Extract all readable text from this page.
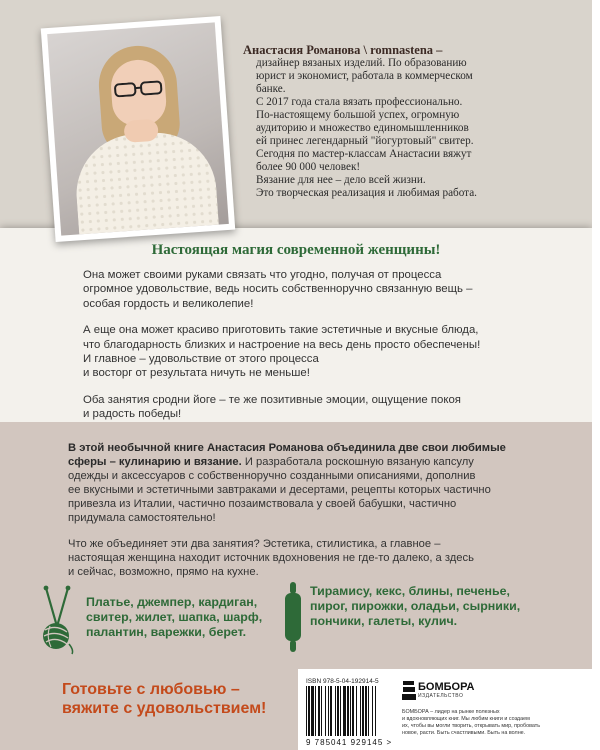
Анастасия Романова \ romnastena –
дизайнер вязаных изделий. По образованию
юрист и экономист, работала в коммерческом
банке.
С 2017 года стала вязать профессионально.
По-настоящему большой успех, огромную
аудиторию и множество единомышленников
ей принес легендарный "йогуртовый" свитер.
Сегодня по мастер-классам Анастасии вяжут
более 90 000 человек!
Вязание для нее – дело всей жизни.
Это творческая реализация и любимая работа.
Настоящая магия современной женщины!
Она может своими руками связать что угодно, получая от процесса
огромное удовольствие, ведь носить собственноручно связанную вещь –
особая гордость и великолепие!
А еще она может красиво приготовить такие эстетичные и вкусные блюда,
что благодарность близких и настроение на весь день просто обеспечены!
И главное – удовольствие от этого процесса
и восторг от результата ничуть не меньше!
Оба занятия сродни йоге – те же позитивные эмоции, ощущение покоя
и радость победы!
В этой необычной книге Анастасия Романова объединила две свои любимые
сферы – кулинарию и вязание. И разработала роскошную вязаную капсулу
одежды и аксессуаров с собственноручно созданными описаниями, дополнив
ее вкусными и эстетичными завтраками и десертами, рецепты которых частично
привезла из Италии, частично позаимствовала у своей бабушки, частично
придумала самостоятельно!
Что же объединяет эти два занятия? Эстетика, стилистика, а главное –
настоящая женщина находит источник вдохновения не где-то далеко, а здесь
и сейчас, возможно, прямо на кухне.
Платье, джемпер, кардиган,
свитер, жилет, шапка, шарф,
палантин, варежки, берет.
Тирамису, кекс, блины, печенье,
пирог, пирожки, оладьи, сырники,
пончики, галеты, кулич.
Готовьте с любовью –
вяжите с удовольствием!
ISBN 978-5-04-192914-5
9 785041 929145 >
БОМБОРА
ИЗДАТЕЛЬСТВО
БОМБОРА – лидер на рынке полезных
и вдохновляющих книг. Мы любим книги и создаем
их, чтобы вы могли творить, открывать мир, пробовать
новое, расти. Быть счастливыми. Быть на волне.
